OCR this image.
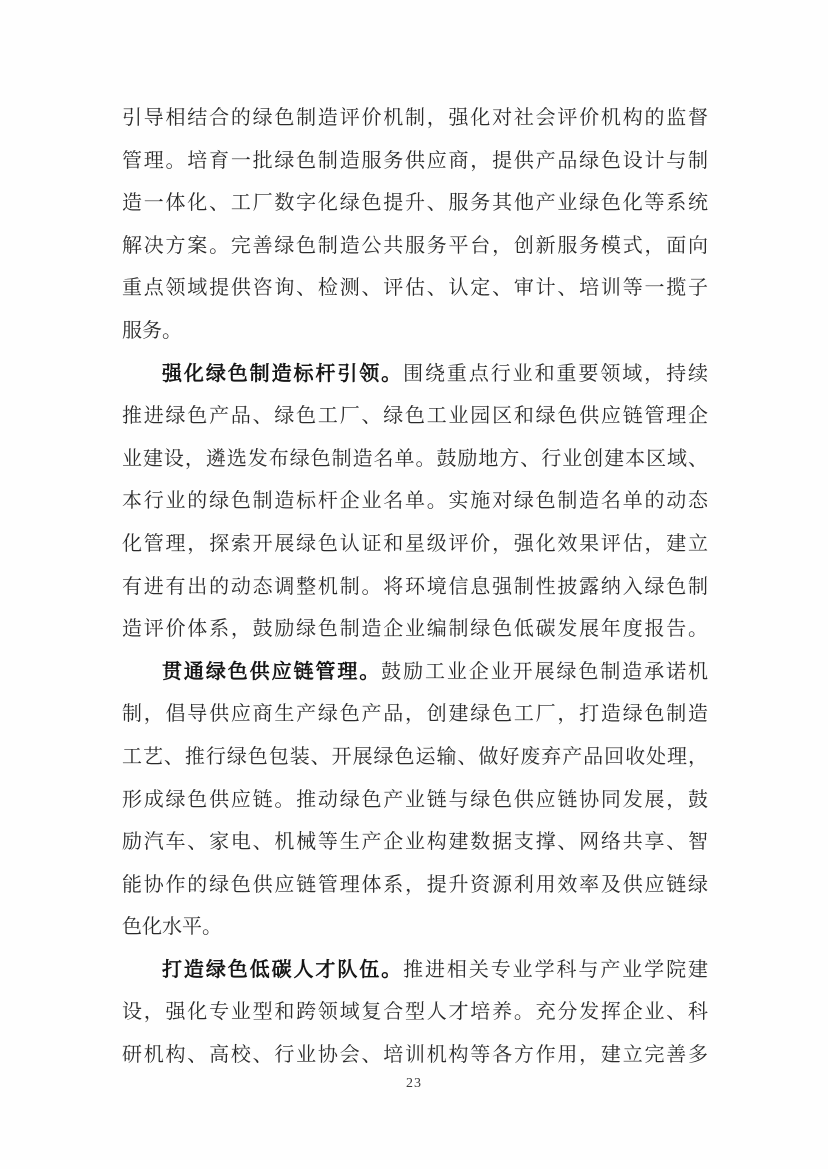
引导相结合的绿色制造评价机制，强化对社会评价机构的监督
管理。培育一批绿色制造服务供应商，提供产品绿色设计与制
造一体化、工厂数字化绿色提升、服务其他产业绿色化等系统
解决方案。完善绿色制造公共服务平台，创新服务模式，面向
重点领域提供咨询、检测、评估、认定、审计、培训等一揽子
服务。
强化绿色制造标杆引领。围绕重点行业和重要领域，持续
推进绿色产品、绿色工厂、绿色工业园区和绿色供应链管理企
业建设，遴选发布绿色制造名单。鼓励地方、行业创建本区域、
本行业的绿色制造标杆企业名单。实施对绿色制造名单的动态
化管理，探索开展绿色认证和星级评价，强化效果评估，建立
有进有出的动态调整机制。将环境信息强制性披露纳入绿色制
造评价体系，鼓励绿色制造企业编制绿色低碳发展年度报告。
贯通绿色供应链管理。鼓励工业企业开展绿色制造承诺机
制，倡导供应商生产绿色产品，创建绿色工厂，打造绿色制造
工艺、推行绿色包装、开展绿色运输、做好废弃产品回收处理，
形成绿色供应链。推动绿色产业链与绿色供应链协同发展，鼓
励汽车、家电、机械等生产企业构建数据支撑、网络共享、智
能协作的绿色供应链管理体系，提升资源利用效率及供应链绿
色化水平。
打造绿色低碳人才队伍。推进相关专业学科与产业学院建
设，强化专业型和跨领域复合型人才培养。充分发挥企业、科
研机构、高校、行业协会、培训机构等各方作用，建立完善多
23
